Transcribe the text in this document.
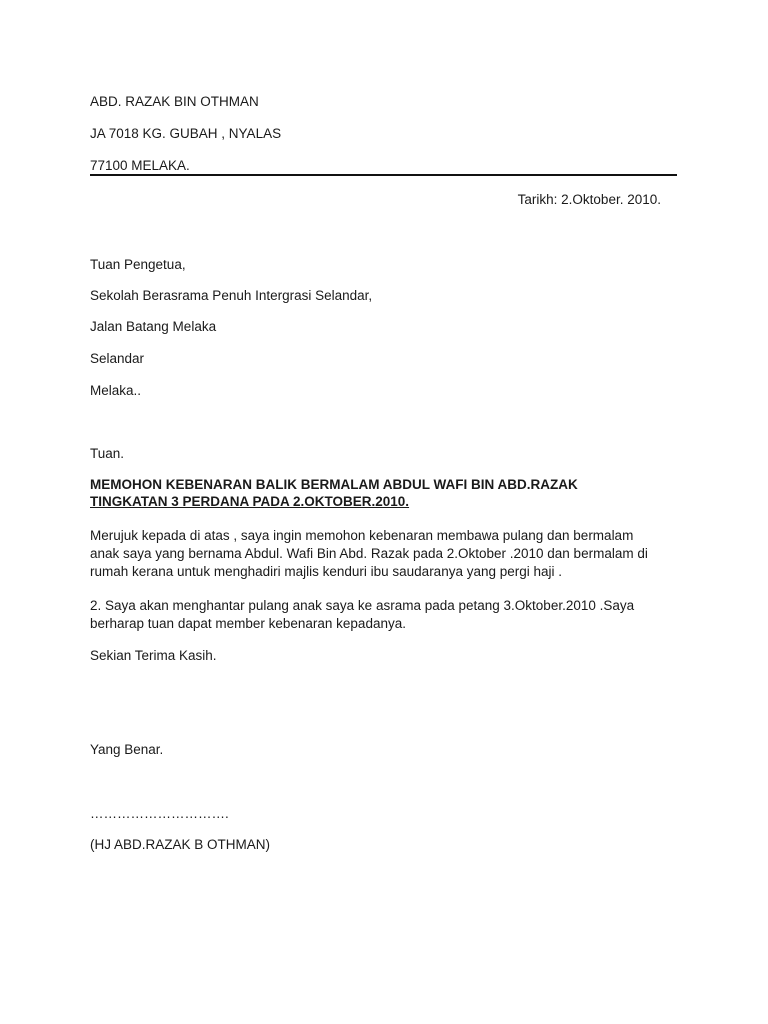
ABD. RAZAK BIN OTHMAN
JA 7018 KG. GUBAH , NYALAS
77100 MELAKA.
Tarikh: 2.Oktober. 2010.
Tuan Pengetua,
Sekolah Berasrama Penuh Intergrasi Selandar,
Jalan Batang Melaka
Selandar
Melaka..
Tuan.
MEMOHON KEBENARAN BALIK BERMALAM ABDUL WAFI BIN ABD.RAZAK
TINGKATAN 3 PERDANA PADA 2.OKTOBER.2010.
Merujuk kepada di atas , saya ingin memohon kebenaran membawa pulang dan bermalam
anak saya yang bernama Abdul. Wafi Bin Abd. Razak pada 2.Oktober .2010 dan bermalam di
rumah kerana untuk menghadiri majlis kenduri ibu saudaranya yang pergi haji .
2. Saya akan menghantar pulang anak saya ke asrama pada petang 3.Oktober.2010 .Saya
berharap tuan dapat member kebenaran kepadanya.
Sekian Terima Kasih.
Yang Benar.
………………………….
(HJ ABD.RAZAK B OTHMAN)
